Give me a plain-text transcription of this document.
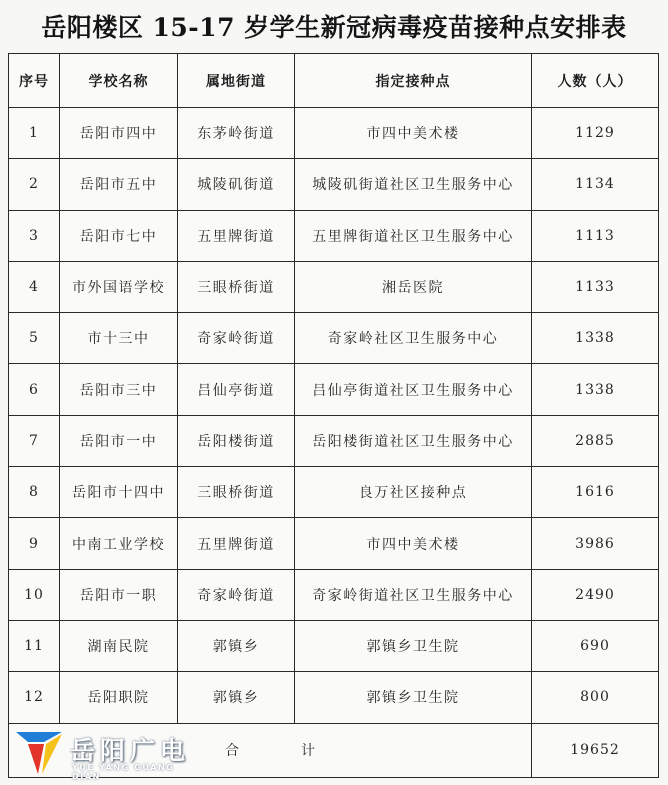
岳阳楼区 15-17 岁学生新冠病毒疫苗接种点安排表
序号	学校名称	属地街道	指定接种点	人数（人）
1	岳阳市四中	东茅岭街道	市四中美术楼	1129
2	岳阳市五中	城陵矶街道	城陵矶街道社区卫生服务中心	1134
3	岳阳市七中	五里牌街道	五里牌街道社区卫生服务中心	1113
4	市外国语学校	三眼桥街道	湘岳医院	1133
5	市十三中	奇家岭街道	奇家岭社区卫生服务中心	1338
6	岳阳市三中	吕仙亭街道	吕仙亭街道社区卫生服务中心	1338
7	岳阳市一中	岳阳楼街道	岳阳楼街道社区卫生服务中心	2885
8	岳阳市十四中	三眼桥街道	良万社区接种点	1616
9	中南工业学校	五里牌街道	市四中美术楼	3986
10	岳阳市一职	奇家岭街道	奇家岭街道社区卫生服务中心	2490
11	湖南民院	郭镇乡	郭镇乡卫生院	690
12	岳阳职院	郭镇乡	郭镇乡卫生院	800
合 计				19652
岳阳广电
YUE YANG GUANG DIAN
